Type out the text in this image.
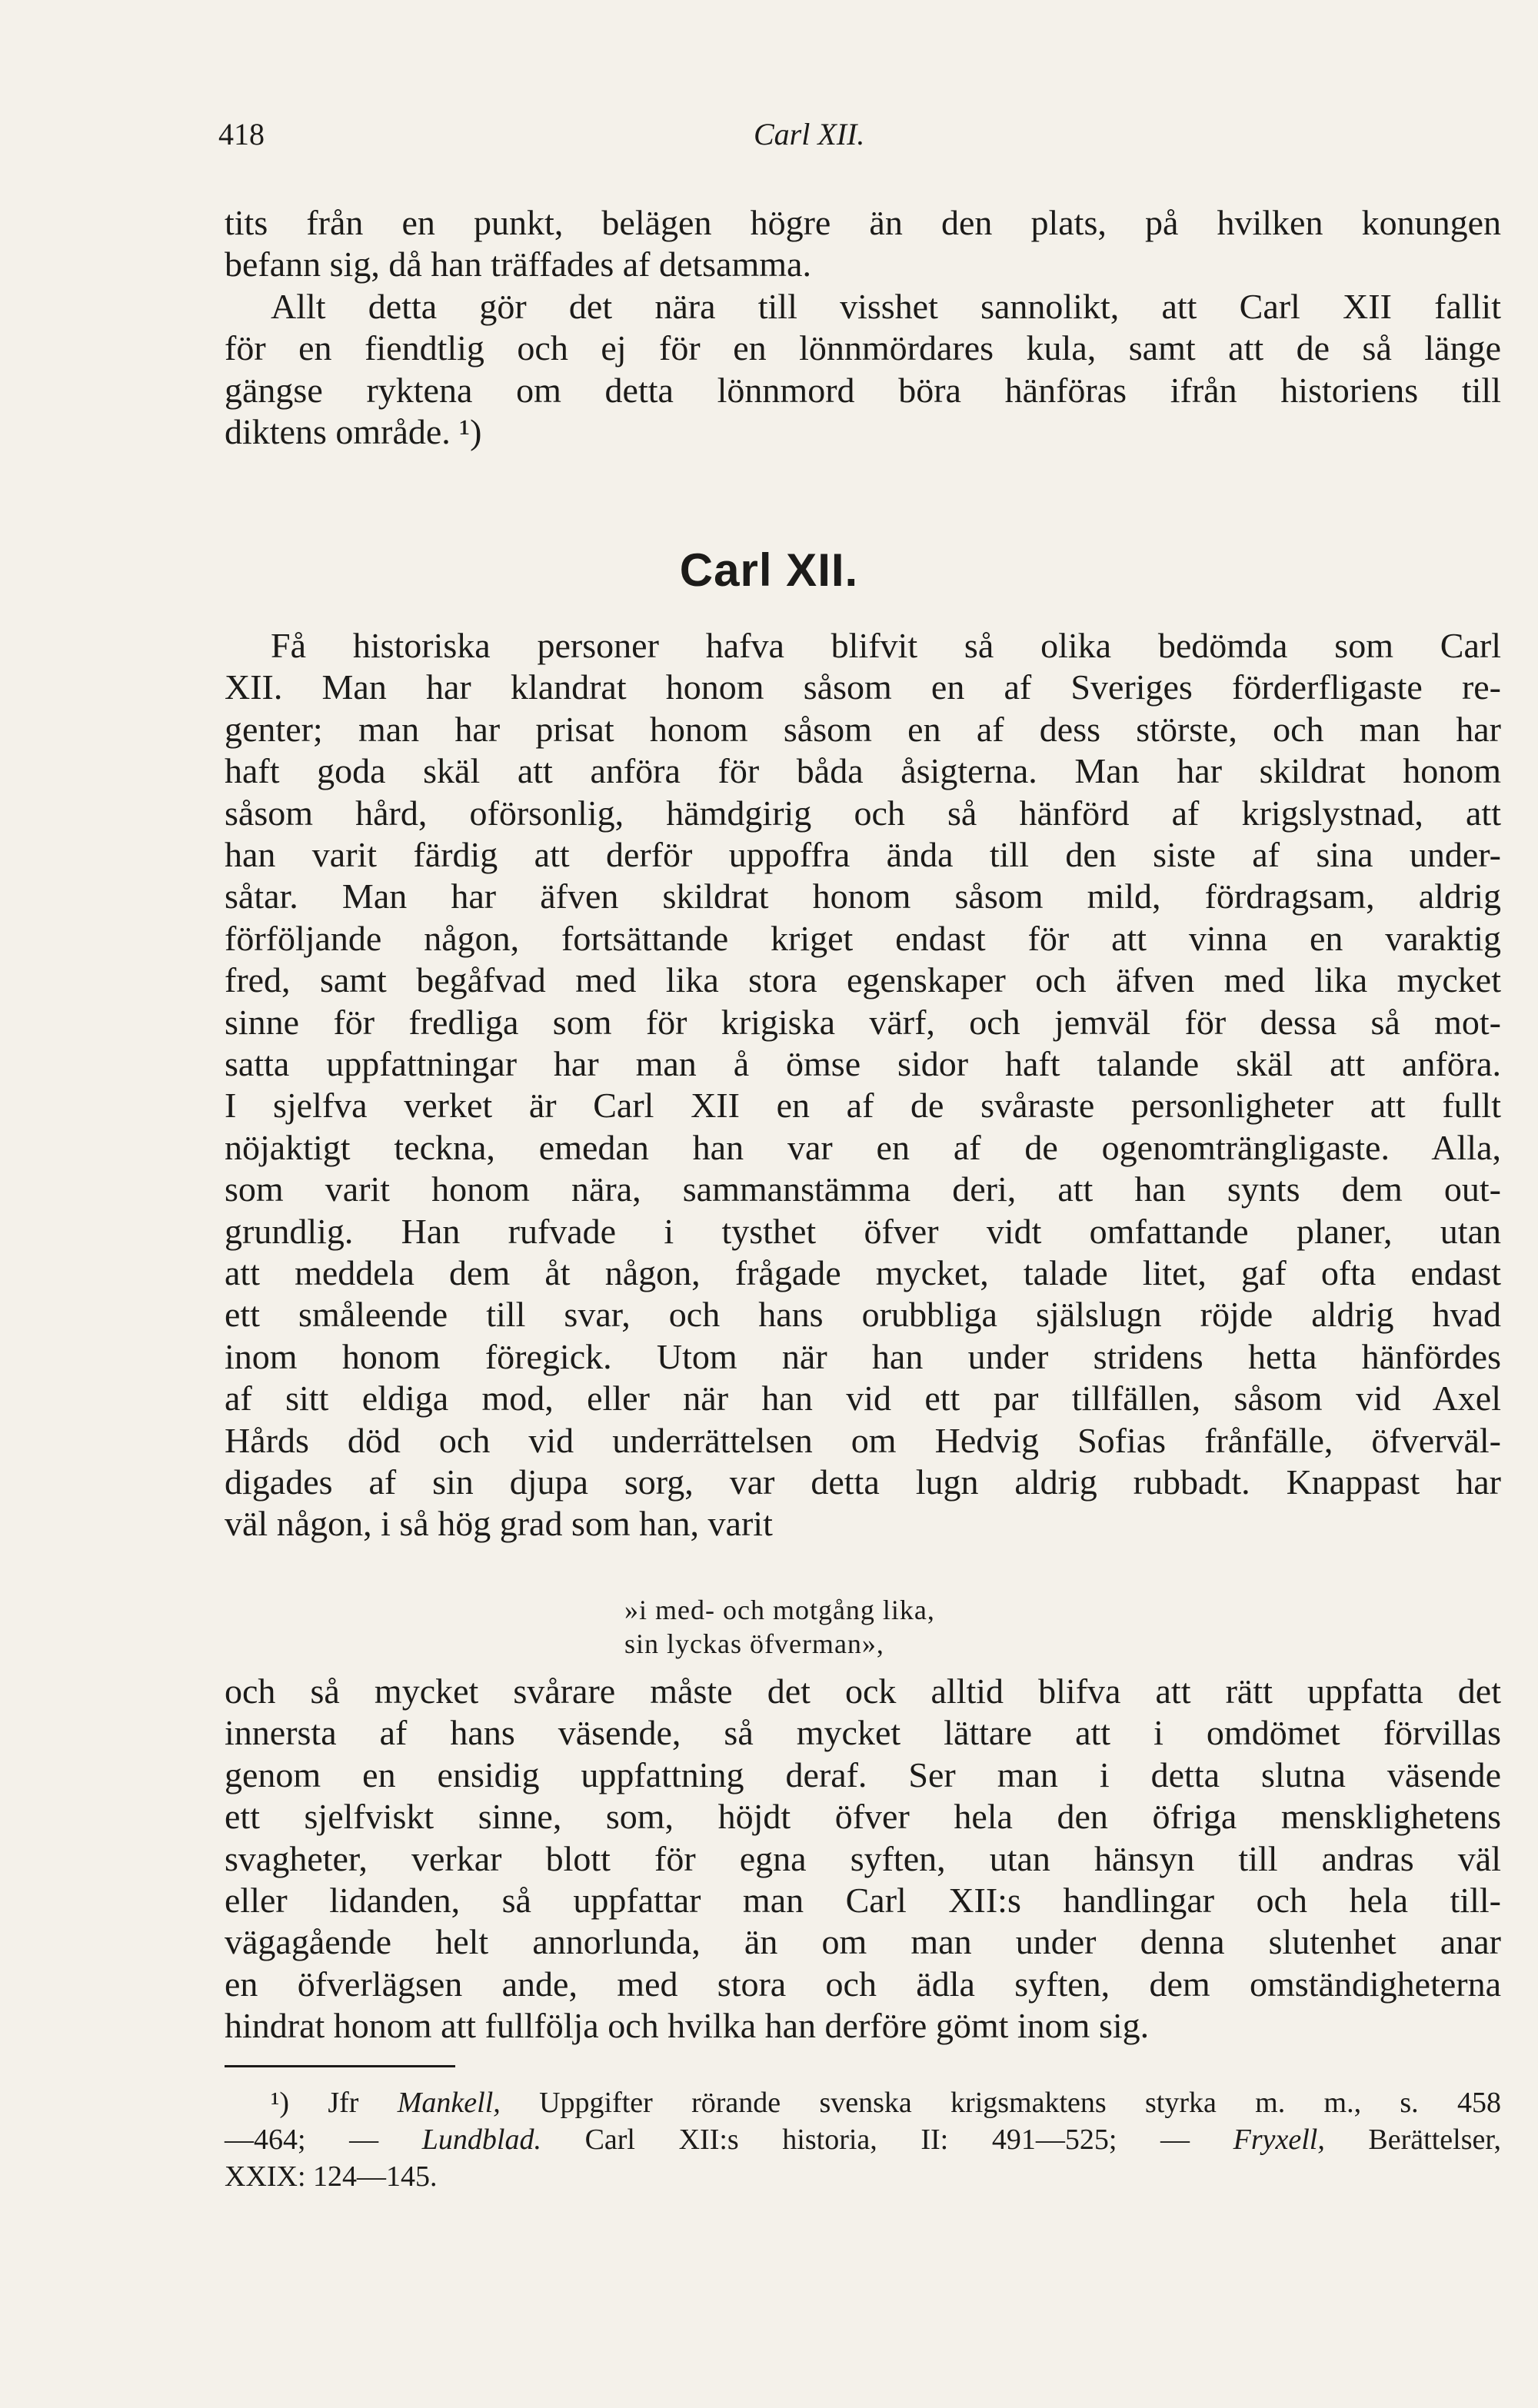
418	Carl XII.

tits från en punkt, belägen högre än den plats, på hvilken konungen

befann sig, då han träffades af detsamma.

Allt detta gör det nära till visshet sannolikt, att Carl XII fallit

för en fiendtlig och ej för en lönnmördares kula, samt att de så länge

gängse ryktena om detta lönnmord böra hänföras ifrån historiens till

diktens område. ¹)

Carl XII.

Få historiska personer hafva blifvit så olika bedömda som Carl

XII. Man har klandrat honom såsom en af Sveriges förderfligaste re-

genter; man har prisat honom såsom en af dess störste, och man har

haft goda skäl att anföra för båda åsigterna. Man har skildrat honom

såsom hård, oförsonlig, hämdgirig och så hänförd af krigslystnad, att

han varit färdig att derför uppoffra ända till den siste af sina under-

såtar. Man har äfven skildrat honom såsom mild, fördragsam, aldrig

förföljande någon, fortsättande kriget endast för att vinna en varaktig

fred, samt begåfvad med lika stora egenskaper och äfven med lika mycket

sinne för fredliga som för krigiska värf, och jemväl för dessa så mot-

satta uppfattningar har man å ömse sidor haft talande skäl att anföra.

I sjelfva verket är Carl XII en af de svåraste personligheter att fullt

nöjaktigt teckna, emedan han var en af de ogenomträngligaste. Alla,

som varit honom nära, sammanstämma deri, att han synts dem out-

grundlig. Han rufvade i tysthet öfver vidt omfattande planer, utan

att meddela dem åt någon, frågade mycket, talade litet, gaf ofta endast

ett småleende till svar, och hans orubbliga själslugn röjde aldrig hvad

inom honom föregick. Utom när han under stridens hetta hänfördes

af sitt eldiga mod, eller när han vid ett par tillfällen, såsom vid Axel

Hårds död och vid underrättelsen om Hedvig Sofias frånfälle, öfverväl-

digades af sin djupa sorg, var detta lugn aldrig rubbadt. Knappast har

väl någon, i så hög grad som han, varit

»i med- och motgång lika,
sin lyckas öfverman»,

och så mycket svårare måste det ock alltid blifva att rätt uppfatta det

innersta af hans väsende, så mycket lättare att i omdömet förvillas

genom en ensidig uppfattning deraf. Ser man i detta slutna väsende

ett sjelfviskt sinne, som, höjdt öfver hela den öfriga mensklighetens

svagheter, verkar blott för egna syften, utan hänsyn till andras väl

eller lidanden, så uppfattar man Carl XII:s handlingar och hela till-

vägagående helt annorlunda, än om man under denna slutenhet anar

en öfverlägsen ande, med stora och ädla syften, dem omständigheterna

hindrat honom att fullfölja och hvilka han derföre gömt inom sig.

¹) Jfr Mankell, Uppgifter rörande svenska krigsmaktens styrka m. m., s. 458

—464; — Lundblad. Carl XII:s historia, II: 491—525; — Fryxell, Berättelser,

XXIX: 124—145.
